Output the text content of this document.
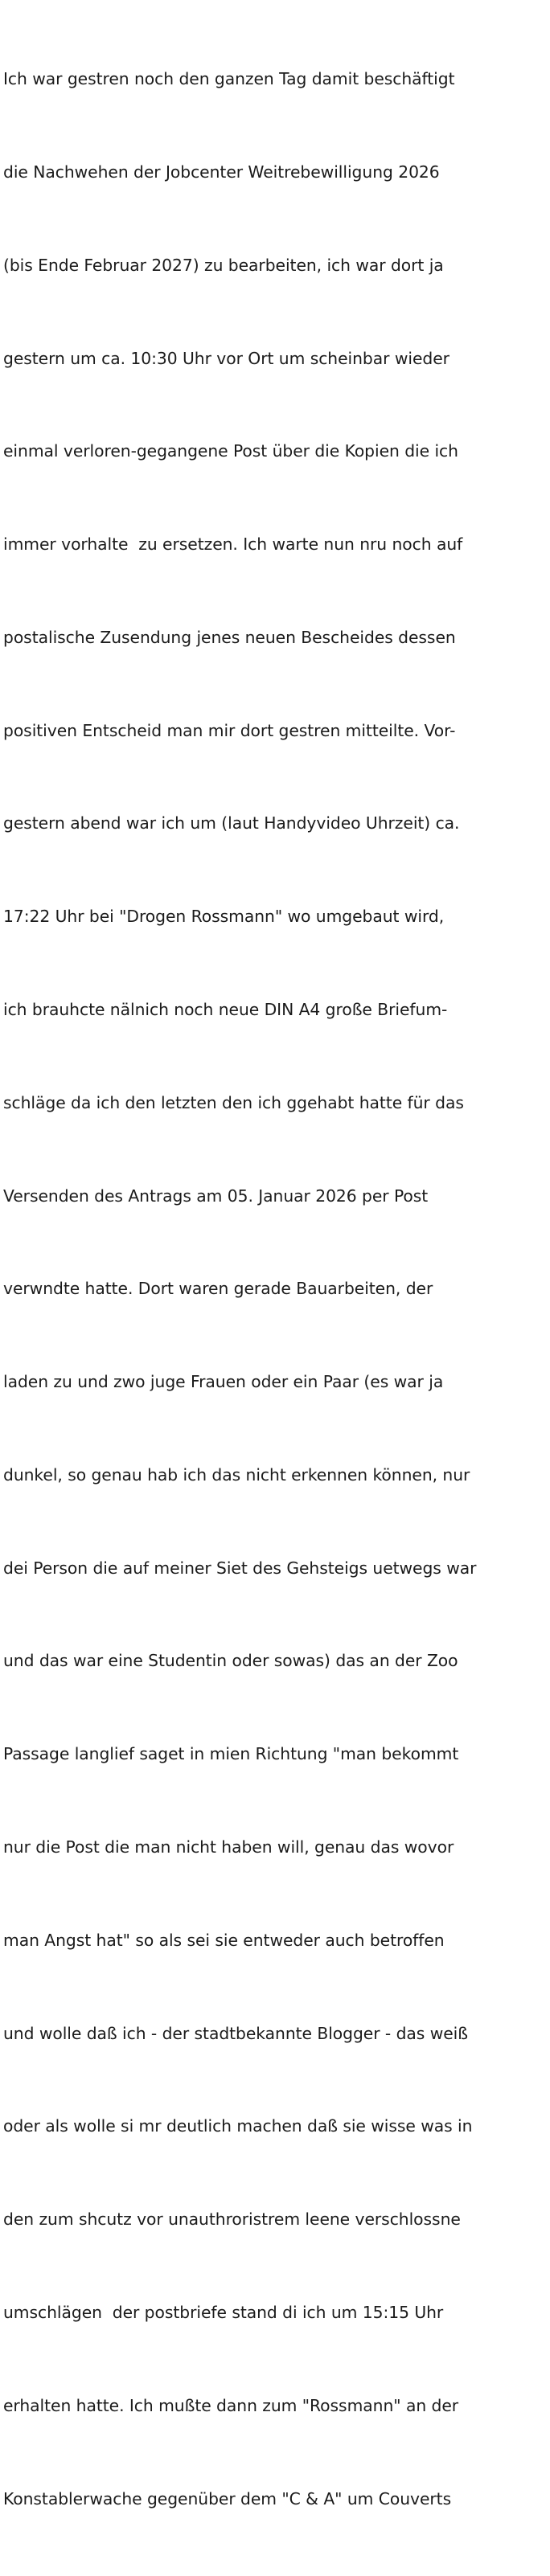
Ich war gestren noch den ganzen Tag damit beschäftigt

die Nachwehen der Jobcenter Weitrebewilligung 2026

(bis Ende Februar 2027) zu bearbeiten, ich war dort ja

gestern um ca. 10:30 Uhr vor Ort um scheinbar wieder

einmal verloren-gegangene Post über die Kopien die ich

immer vorhalte  zu ersetzen. Ich warte nun nru noch auf

postalische Zusendung jenes neuen Bescheides dessen

positiven Entscheid man mir dort gestren mitteilte. Vor-

gestern abend war ich um (laut Handyvideo Uhrzeit) ca.

17:22 Uhr bei "Drogen Rossmann" wo umgebaut wird,

ich brauhcte nälnich noch neue DIN A4 große Briefum-

schläge da ich den letzten den ich ggehabt hatte für das

Versenden des Antrags am 05. Januar 2026 per Post

verwndte hatte. Dort waren gerade Bauarbeiten, der

laden zu und zwo juge Frauen oder ein Paar (es war ja

dunkel, so genau hab ich das nicht erkennen können, nur

dei Person die auf meiner Siet des Gehsteigs uetwegs war

und das war eine Studentin oder sowas) das an der Zoo

Passage langlief saget in mien Richtung "man bekommt

nur die Post die man nicht haben will, genau das wovor

man Angst hat" so als sei sie entweder auch betroffen

und wolle daß ich - der stadtbekannte Blogger - das weiß

oder als wolle si mr deutlich machen daß sie wisse was in

den zum shcutz vor unauthroristrem leene verschlossne

umschlägen  der postbriefe stand di ich um 15:15 Uhr

erhalten hatte. Ich mußte dann zum "Rossmann" an der

Konstablerwache gegenüber dem "C & A" um Couverts
